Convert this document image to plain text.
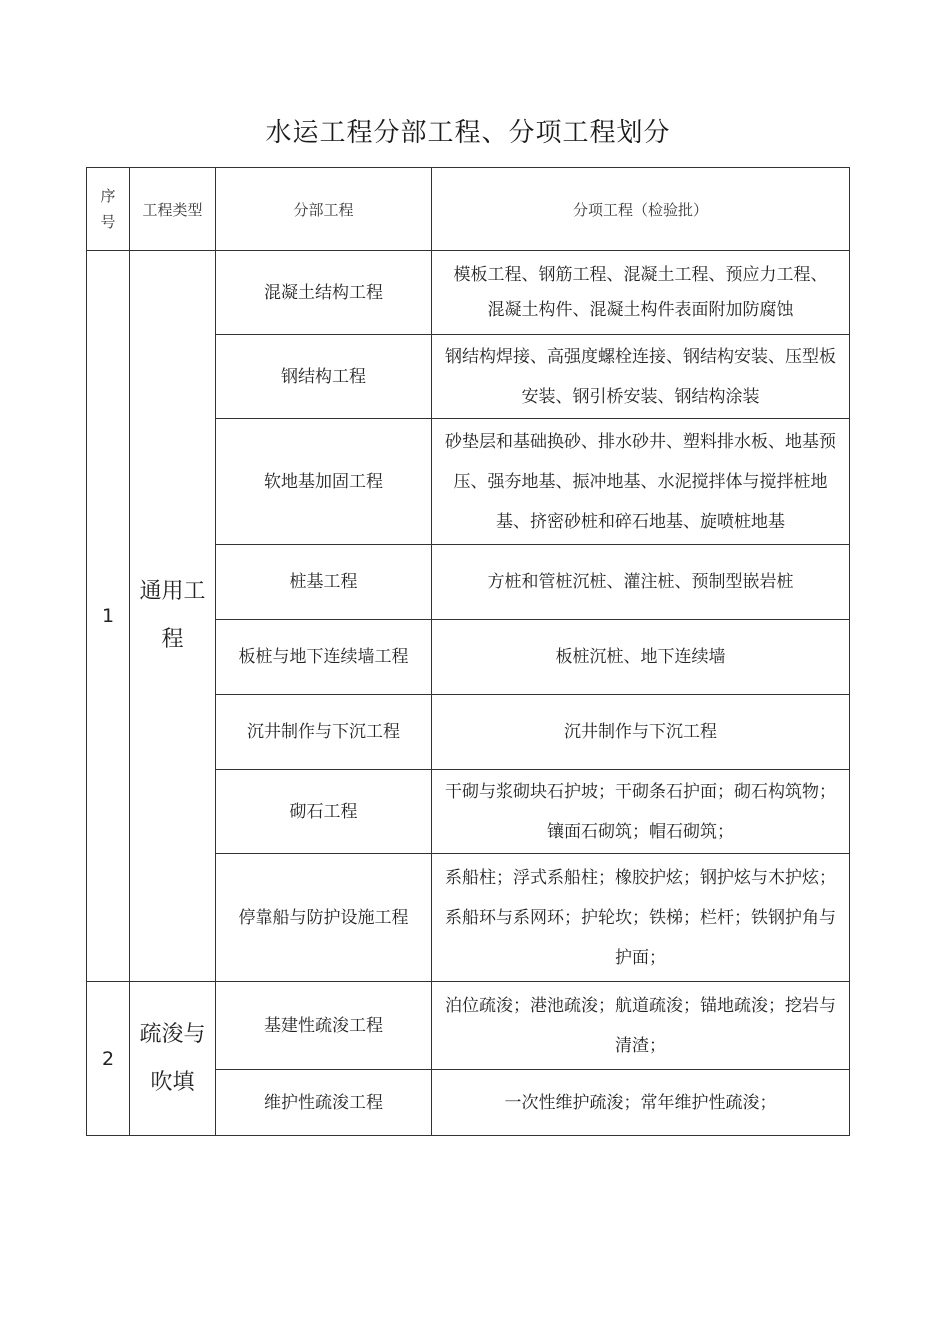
水运工程分部工程、分项工程划分
序
号	工程类型	分部工程	分项工程（检验批）
1	通用工程	混凝土结构工程	模板工程、钢筋工程、混凝土工程、预应力工程、
混凝土构件、混凝土构件表面附加防腐蚀
		钢结构工程	钢结构焊接、高强度螺栓连接、钢结构安装、压型板安装、钢引桥安装、钢结构涂装
		软地基加固工程	砂垫层和基础换砂、排水砂井、塑料排水板、地基预压、强夯地基、振冲地基、水泥搅拌体与搅拌桩地基、挤密砂桩和碎石地基、旋喷桩地基
		桩基工程	方桩和管桩沉桩、灌注桩、预制型嵌岩桩
		板桩与地下连续墙工程	板桩沉桩、地下连续墙
		沉井制作与下沉工程	沉井制作与下沉工程
		砌石工程	干砌与浆砌块石护坡；干砌条石护面；砌石构筑物；镶面石砌筑；帽石砌筑；
		停靠船与防护设施工程	系船柱；浮式系船柱；橡胶护炫；钢护炫与木护炫；系船环与系网环；护轮坎；铁梯；栏杆；铁钢护角与护面；
2	疏浚与吹填	基建性疏浚工程	泊位疏浚；港池疏浚；航道疏浚；锚地疏浚；挖岩与清渣；
		维护性疏浚工程	一次性维护疏浚；常年维护性疏浚；
